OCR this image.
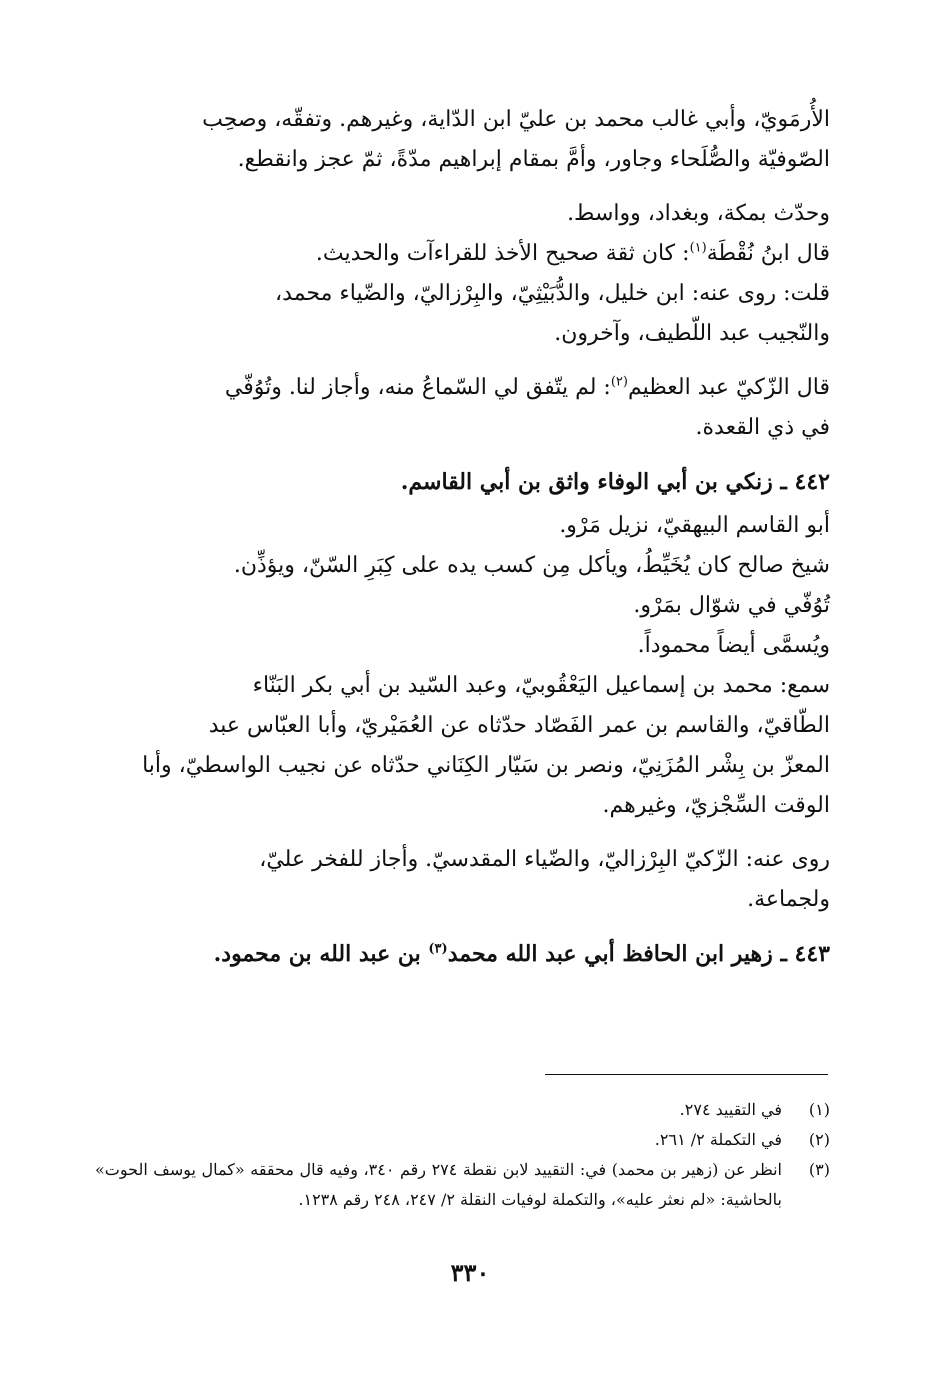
الأُرمَويّ، وأبي غالب محمد بن عليّ ابن الدّاية، وغيرهم. وتفقّه، وصحِب
الصّوفيّة والصُّلَحاء وجاور، وأمَّ بمقام إبراهيم مدّةً، ثمّ عجز وانقطع.

وحدّث بمكة، وبغداد، وواسط.

قال ابنُ نُقْطَة$^{(١)}$: كان ثقة صحيح الأخذ للقراءآت والحديث.

قلت: روى عنه: ابن خليل، والدُّبَيْثِيّ، والبِرْزاليّ، والضّياء محمد،
والنّجيب عبد اللّطيف، وآخرون.

قال الزّكيّ عبد العظيم$^{(٢)}$: لم يتّفق لي السّماعُ منه، وأجاز لنا. وتُوُفّي
في ذي القعدة.

٤٤٢ ـ زنكي بن أبي الوفاء واثق بن أبي القاسم.

أبو القاسم البيهقيّ، نزيل مَرْو.
شيخ صالح كان يُخَيِّطُ، ويأكل مِن كسب يده على كِبَرِ السّنّ، ويؤذِّن.
تُوُفّي في شوّال بمَرْو.
ويُسمَّى أيضاً محموداً.

سمع: محمد بن إسماعيل اليَعْقُوبيّ، وعبد السّيد بن أبي بكر البَنّاء
الطّاقيّ، والقاسم بن عمر الفَصّاد حدّثاه عن العُمَيْريّ، وأبا العبّاس عبد
المعزّ بن بِشْر المُزَنِيّ، ونصر بن سَيّار الكِنَاني حدّثاه عن نجيب الواسطيّ، وأبا
الوقت السِّجْزيّ، وغيرهم.

روى عنه: الزّكيّ البِرْزاليّ، والضّياء المقدسيّ. وأجاز للفخر عليّ،
ولجماعة.

٤٤٣ ـ زهير ابن الحافظ أبي عبد الله محمد$^{(٣)}$ بن عبد الله بن محمود.

(١)
في التقييد ٢٧٤.
(٢)
في التكملة ٢/ ٢٦١.
(٣)
انظر عن (زهير بن محمد) في: التقييد لابن نقطة ٢٧٤ رقم ٣٤٠، وفيه قال محققه «كمال يوسف الحوت» بالحاشية: «لم نعثر عليه»، والتكملة لوفيات النقلة ٢/ ٢٤٧، ٢٤٨ رقم ١٢٣٨.
٣٣٠
